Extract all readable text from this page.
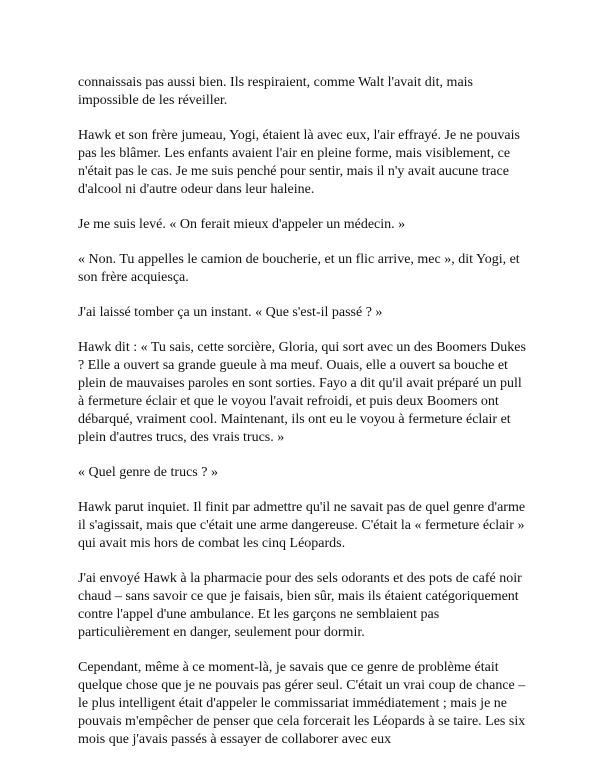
connaissais pas aussi bien. Ils respiraient, comme Walt l'avait dit, mais impossible de les réveiller.

Hawk et son frère jumeau, Yogi, étaient là avec eux, l'air effrayé. Je ne pouvais pas les blâmer. Les enfants avaient l'air en pleine forme, mais visiblement, ce n'était pas le cas. Je me suis penché pour sentir, mais il n'y avait aucune trace d'alcool ni d'autre odeur dans leur haleine.

Je me suis levé. « On ferait mieux d'appeler un médecin. »

« Non. Tu appelles le camion de boucherie, et un flic arrive, mec », dit Yogi, et son frère acquiesça.

J'ai laissé tomber ça un instant. « Que s'est-il passé ? »

Hawk dit : « Tu sais, cette sorcière, Gloria, qui sort avec un des Boomers Dukes ? Elle a ouvert sa grande gueule à ma meuf. Ouais, elle a ouvert sa bouche et plein de mauvaises paroles en sont sorties. Fayo a dit qu'il avait préparé un pull à fermeture éclair et que le voyou l'avait refroidi, et puis deux Boomers ont débarqué, vraiment cool. Maintenant, ils ont eu le voyou à fermeture éclair et plein d'autres trucs, des vrais trucs. »

« Quel genre de trucs ? »

Hawk parut inquiet. Il finit par admettre qu'il ne savait pas de quel genre d'arme il s'agissait, mais que c'était une arme dangereuse. C'était la « fermeture éclair » qui avait mis hors de combat les cinq Léopards.

J'ai envoyé Hawk à la pharmacie pour des sels odorants et des pots de café noir chaud – sans savoir ce que je faisais, bien sûr, mais ils étaient catégoriquement contre l'appel d'une ambulance. Et les garçons ne semblaient pas particulièrement en danger, seulement pour dormir.

Cependant, même à ce moment-là, je savais que ce genre de problème était quelque chose que je ne pouvais pas gérer seul. C'était un vrai coup de chance – le plus intelligent était d'appeler le commissariat immédiatement ; mais je ne pouvais m'empêcher de penser que cela forcerait les Léopards à se taire. Les six mois que j'avais passés à essayer de collaborer avec eux
